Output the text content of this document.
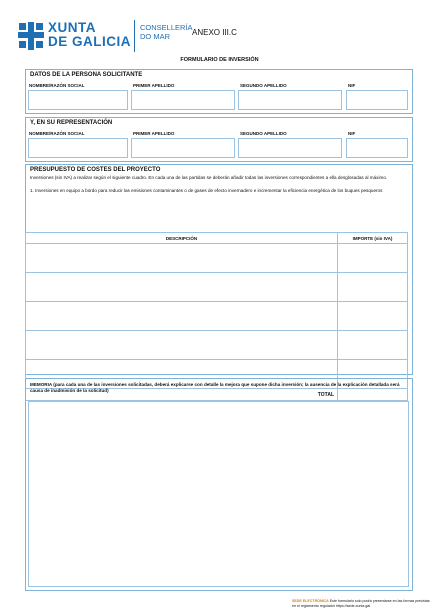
XUNTA
DE GALICIA
CONSELLERÍA
DO MAR	ANEXO III.C
FORMULARIO DE INVERSIÓN
DATOS DE LA PERSONA SOLICITANTE
NOMBRE/RAZÓN SOCIAL	PRIMER APELLIDO	SEGUNDO APELLIDO	NIF
Y, EN SU REPRESENTACIÓN
NOMBRE/RAZÓN SOCIAL	PRIMER APELLIDO	SEGUNDO APELLIDO	NIF
PRESUPUESTO DE COSTES DEL PROYECTO
Inversiones (sin IVA) a realizar según el siguiente cuadro. En cada una de las partidas se deberán añadir todas las inversiones correspondientes a ella desglosadas al máximo.
1. Inversiones en equipo a bordo para reducir las emisiones contaminantes o de gases de efecto invernadero e incrementar la eficiencia energética de los buques pesqueros
DESCRIPCIÓN	IMPORTE (sin IVA)

TOTAL	
MEMORIA (para cada una de las inversiones solicitadas, deberá explicarse con detalle la mejora que supone dicha inversión; la ausencia de la explicación detallada será causa de inadmisión de la solicitud)
SEDE ELECTRÓNICA Este formulario solo podrá presentarse en las formas previstas en el reglamento regulador https://sede.xunta.gal
